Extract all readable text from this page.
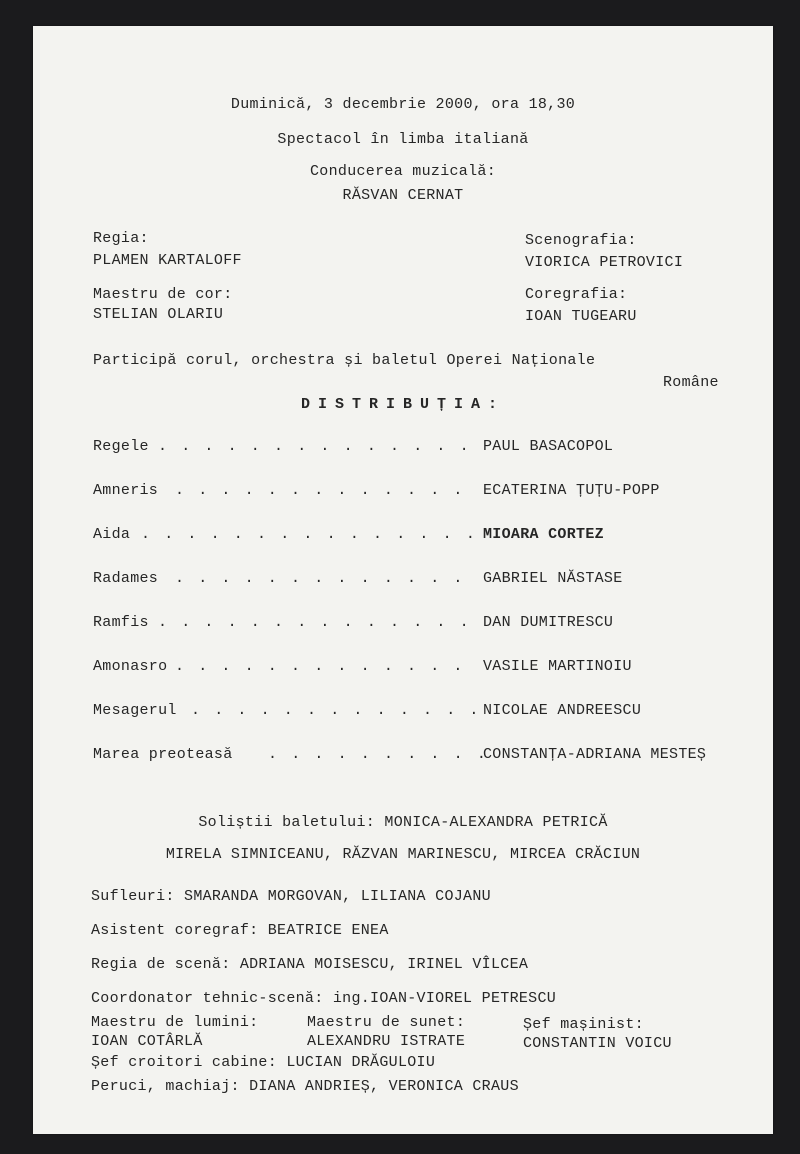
Duminică, 3 decembrie 2000, ora 18,30
Spectacol în limba italiană
Conducerea muzicală:
RĂSVAN CERNAT
Regia:
PLAMEN KARTALOFF
Scenografia:
VIORICA PETROVICI
Maestru de cor:
STELIAN OLARIU
Coregrafia:
IOAN TUGEARU
Participă corul, orchestra și baletul Operei Naționale
Române
DISTRIBUȚIA:
Regele . . . . . . . . . . . . . . PAUL BASACOPOL
Amneris . . . . . . . . . . . . . ECATERINA ȚUȚU-POPP
Aida . . . . . . . . . . . . . . . MIOARA CORTEZ
Radames . . . . . . . . . . . . . GABRIEL NĂSTASE
Ramfis . . . . . . . . . . . . . . DAN DUMITRESCU
Amonasro . . . . . . . . . . . . . VASILE MARTINOIU
Mesagerul . . . . . . . . . . . . . NICOLAE ANDREESCU
Marea preoteasă . . . . . . . . . .
CONSTANȚA-ADRIANA MESTEȘ
Soliștii baletului: MONICA-ALEXANDRA PETRICĂ
MIRELA SIMNICEANU, RĂZVAN MARINESCU, MIRCEA CRĂCIUN
Sufleuri: SMARANDA MORGOVAN, LILIANA COJANU
Asistent coregraf: BEATRICE ENEA
Regia de scenă: ADRIANA MOISESCU, IRINEL VÎLCEA
Coordonator tehnic-scenă: ing.IOAN-VIOREL PETRESCU
Maestru de lumini:
IOAN COTÂRLĂ
Maestru de sunet:
ALEXANDRU ISTRATE
Șef mașinist:
CONSTANTIN VOICU
Șef croitori cabine: LUCIAN DRĂGULOIU
Peruci, machiaj: DIANA ANDRIEȘ, VERONICA CRAUS
